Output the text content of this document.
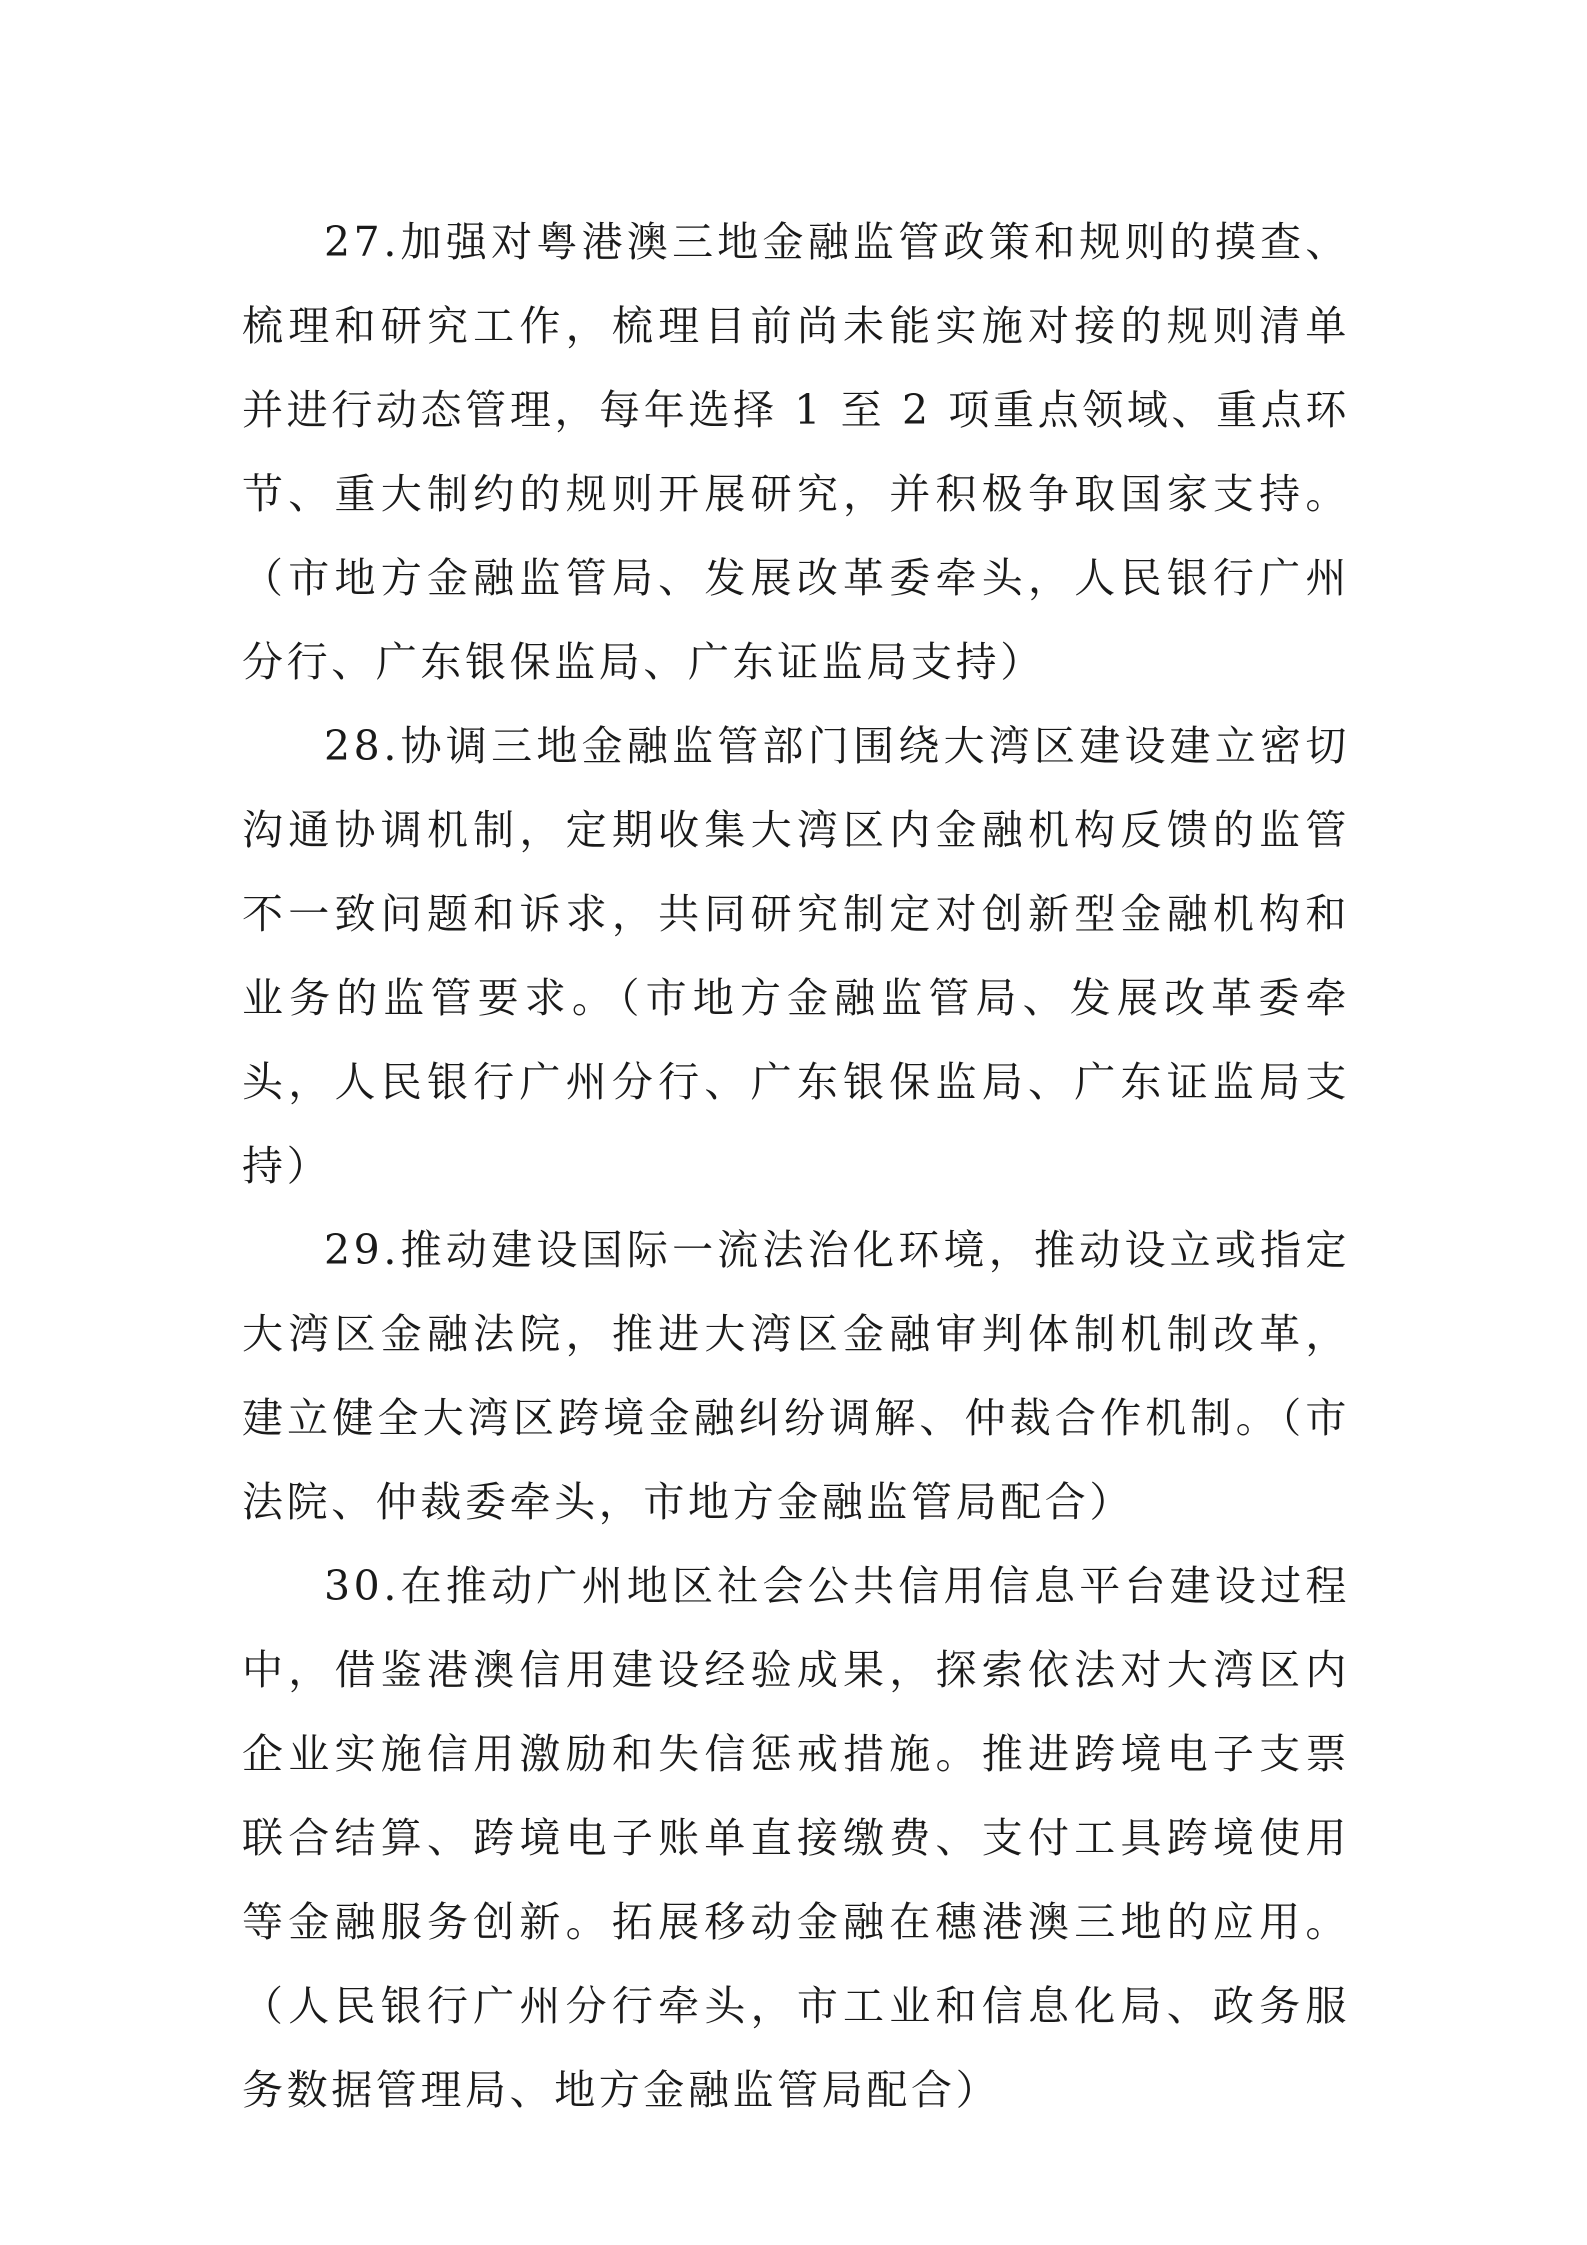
27.加强对粤港澳三地金融监管政策和规则的摸查、梳理和研究工作，梳理目前尚未能实施对接的规则清单并进行动态管理，每年选择 1 至 2 项重点领域、重点环节、重大制约的规则开展研究，并积极争取国家支持。（市地方金融监管局、发展改革委牵头，人民银行广州分行、广东银保监局、广东证监局支持）

28.协调三地金融监管部门围绕大湾区建设建立密切沟通协调机制，定期收集大湾区内金融机构反馈的监管不一致问题和诉求，共同研究制定对创新型金融机构和业务的监管要求。（市地方金融监管局、发展改革委牵头，人民银行广州分行、广东银保监局、广东证监局支持）

29.推动建设国际一流法治化环境，推动设立或指定大湾区金融法院，推进大湾区金融审判体制机制改革，建立健全大湾区跨境金融纠纷调解、仲裁合作机制。（市法院、仲裁委牵头，市地方金融监管局配合）

30.在推动广州地区社会公共信用信息平台建设过程中，借鉴港澳信用建设经验成果，探索依法对大湾区内企业实施信用激励和失信惩戒措施。推进跨境电子支票联合结算、跨境电子账单直接缴费、支付工具跨境使用等金融服务创新。拓展移动金融在穗港澳三地的应用。（人民银行广州分行牵头，市工业和信息化局、政务服务数据管理局、地方金融监管局配合）
